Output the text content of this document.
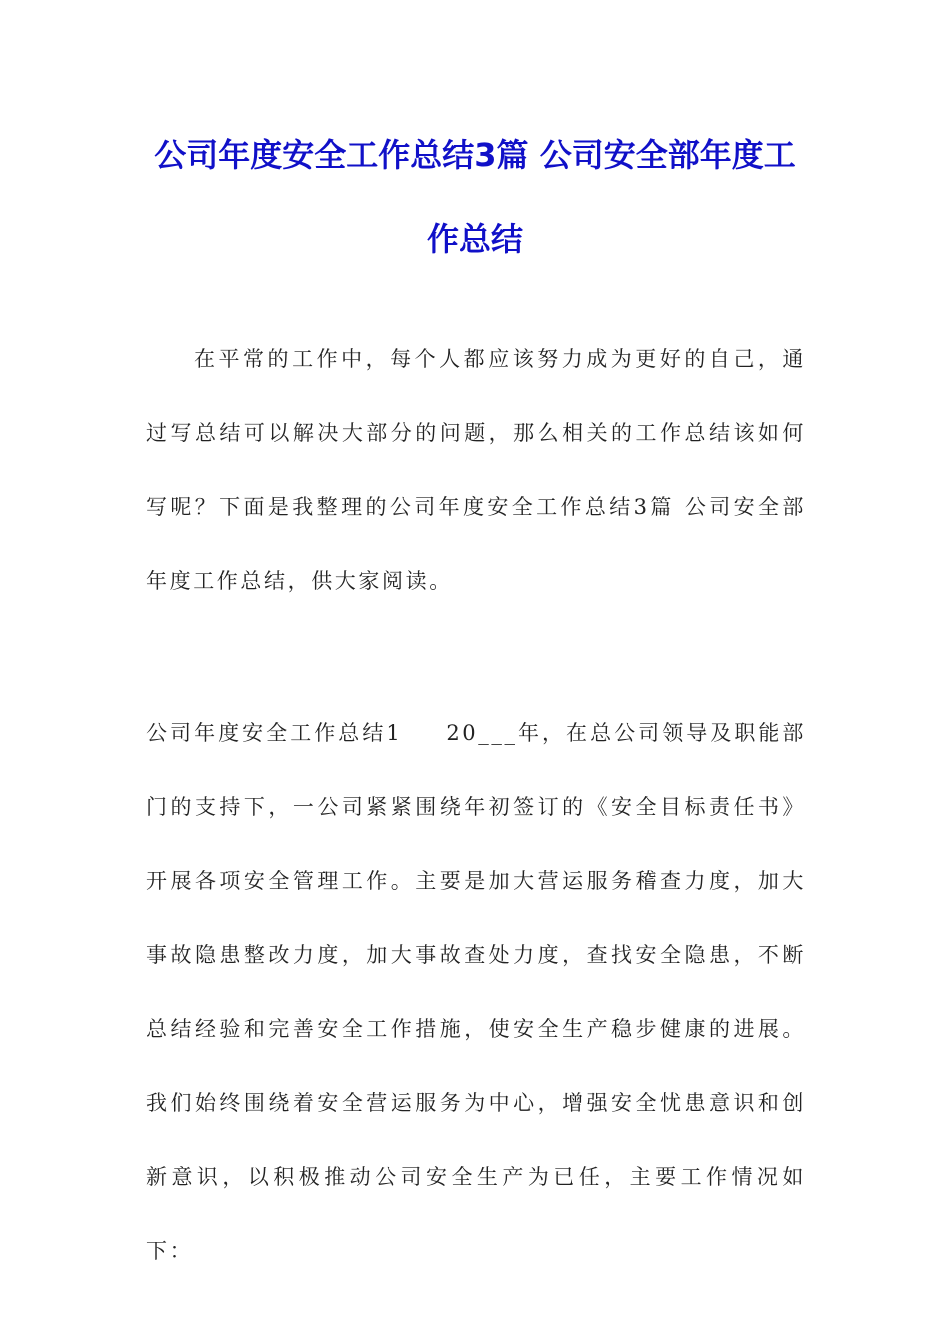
公司年度安全工作总结3篇 公司安全部年度工作总结

在平常的工作中，每个人都应该努力成为更好的自己，通过写总结可以解决大部分的问题，那么相关的工作总结该如何写呢？下面是我整理的公司年度安全工作总结3篇 公司安全部年度工作总结，供大家阅读。

公司年度安全工作总结1 20___年，在总公司领导及职能部门的支持下，一公司紧紧围绕年初签订的《安全目标责任书》开展各项安全管理工作。主要是加大营运服务稽查力度，加大事故隐患整改力度，加大事故查处力度，查找安全隐患，不断总结经验和完善安全工作措施，使安全生产稳步健康的进展。我们始终围绕着安全营运服务为中心，增强安全忧患意识和创新意识，以积极推动公司安全生产为已任，主要工作情况如下：
